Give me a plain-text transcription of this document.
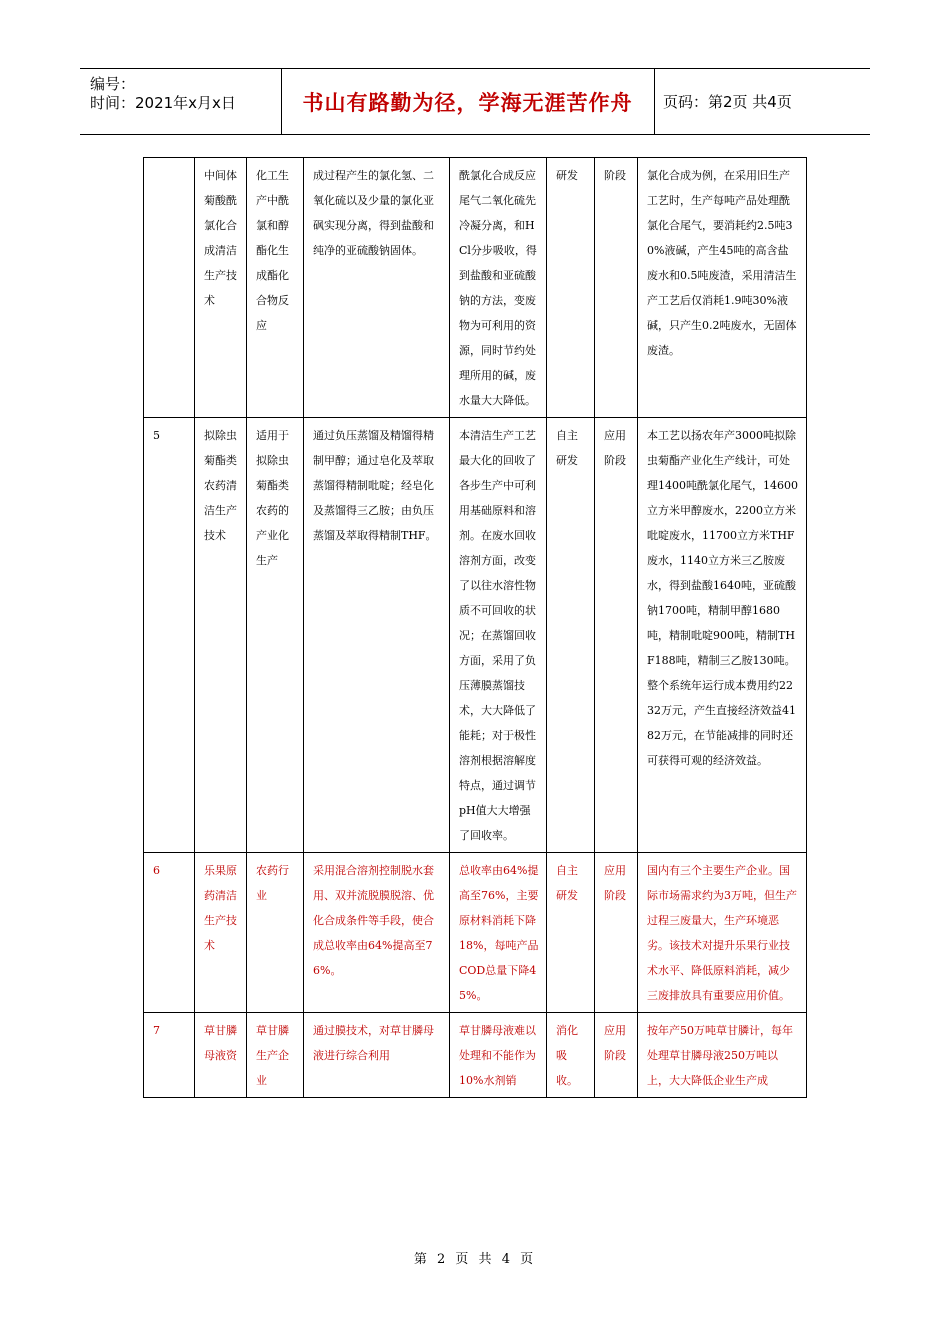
编号：
时间：2021年x月x日	书山有路勤为径，学海无涯苦作舟 页码：第2页 共4页
	中间体菊酸酰氯化合成清洁生产技术	化工生产中酰氯和醇酯化生成酯化合物反应	成过程产生的氯化氢、二氧化硫以及少量的氯化亚砜实现分离，得到盐酸和纯净的亚硫酸钠固体。	酰氯化合成反应尾气二氧化硫先冷凝分离，和HCl分步吸收，得到盐酸和亚硫酸钠的方法，变废物为可利用的资源，同时节约处理所用的碱，废水量大大降低。	研发	阶段	氯化合成为例，在采用旧生产工艺时，生产每吨产品处理酰氯化合尾气，要消耗约2.5吨30%液碱，产生45吨的高含盐废水和0.5吨废渣，采用清洁生产工艺后仅消耗1.9吨30%液碱，只产生0.2吨废水，无固体废渣。
5	拟除虫菊酯类农药清洁生产技术	适用于拟除虫菊酯类农药的产业化生产	通过负压蒸馏及精馏得精制甲醇；通过皂化及萃取蒸馏得精制吡啶；经皂化及蒸馏得三乙胺；由负压蒸馏及萃取得精制THF。	本清洁生产工艺最大化的回收了各步生产中可利用基础原料和溶剂。在废水回收溶剂方面，改变了以往水溶性物质不可回收的状况；在蒸馏回收方面，采用了负压薄膜蒸馏技术，大大降低了能耗；对于极性溶剂根据溶解度特点，通过调节pH值大大增强了回收率。	自主研发	应用阶段	本工艺以扬农年产3000吨拟除虫菊酯产业化生产线计，可处理1400吨酰氯化尾气，14600立方米甲醇废水，2200立方米吡啶废水，11700立方米THF废水，1140立方米三乙胺废水，得到盐酸1640吨，亚硫酸钠1700吨，精制甲醇1680吨，精制吡啶900吨，精制THF188吨，精制三乙胺130吨。整个系统年运行成本费用约2232万元，产生直接经济效益4182万元，在节能减排的同时还可获得可观的经济效益。
6	乐果原药清洁生产技术	农药行业	采用混合溶剂控制脱水套用、双并流脱膜脱溶、优化合成条件等手段，使合成总收率由64%提高至76%。	总收率由64%提高至76%，主要原材料消耗下降18%，每吨产品COD总量下降45%。	自主研发	应用阶段	国内有三个主要生产企业。国际市场需求约为3万吨，但生产过程三废量大，生产环境恶劣。该技术对提升乐果行业技术水平、降低原料消耗，减少三废排放具有重要应用价值。
7	草甘膦母液资	草甘膦生产企业	通过膜技术，对草甘膦母液进行综合利用	草甘膦母液难以处理和不能作为10%水剂销	消化吸收。	应用阶段	按年产50万吨草甘膦计，每年处理草甘膦母液250万吨以上，大大降低企业生产成
第 2 页 共 4 页
